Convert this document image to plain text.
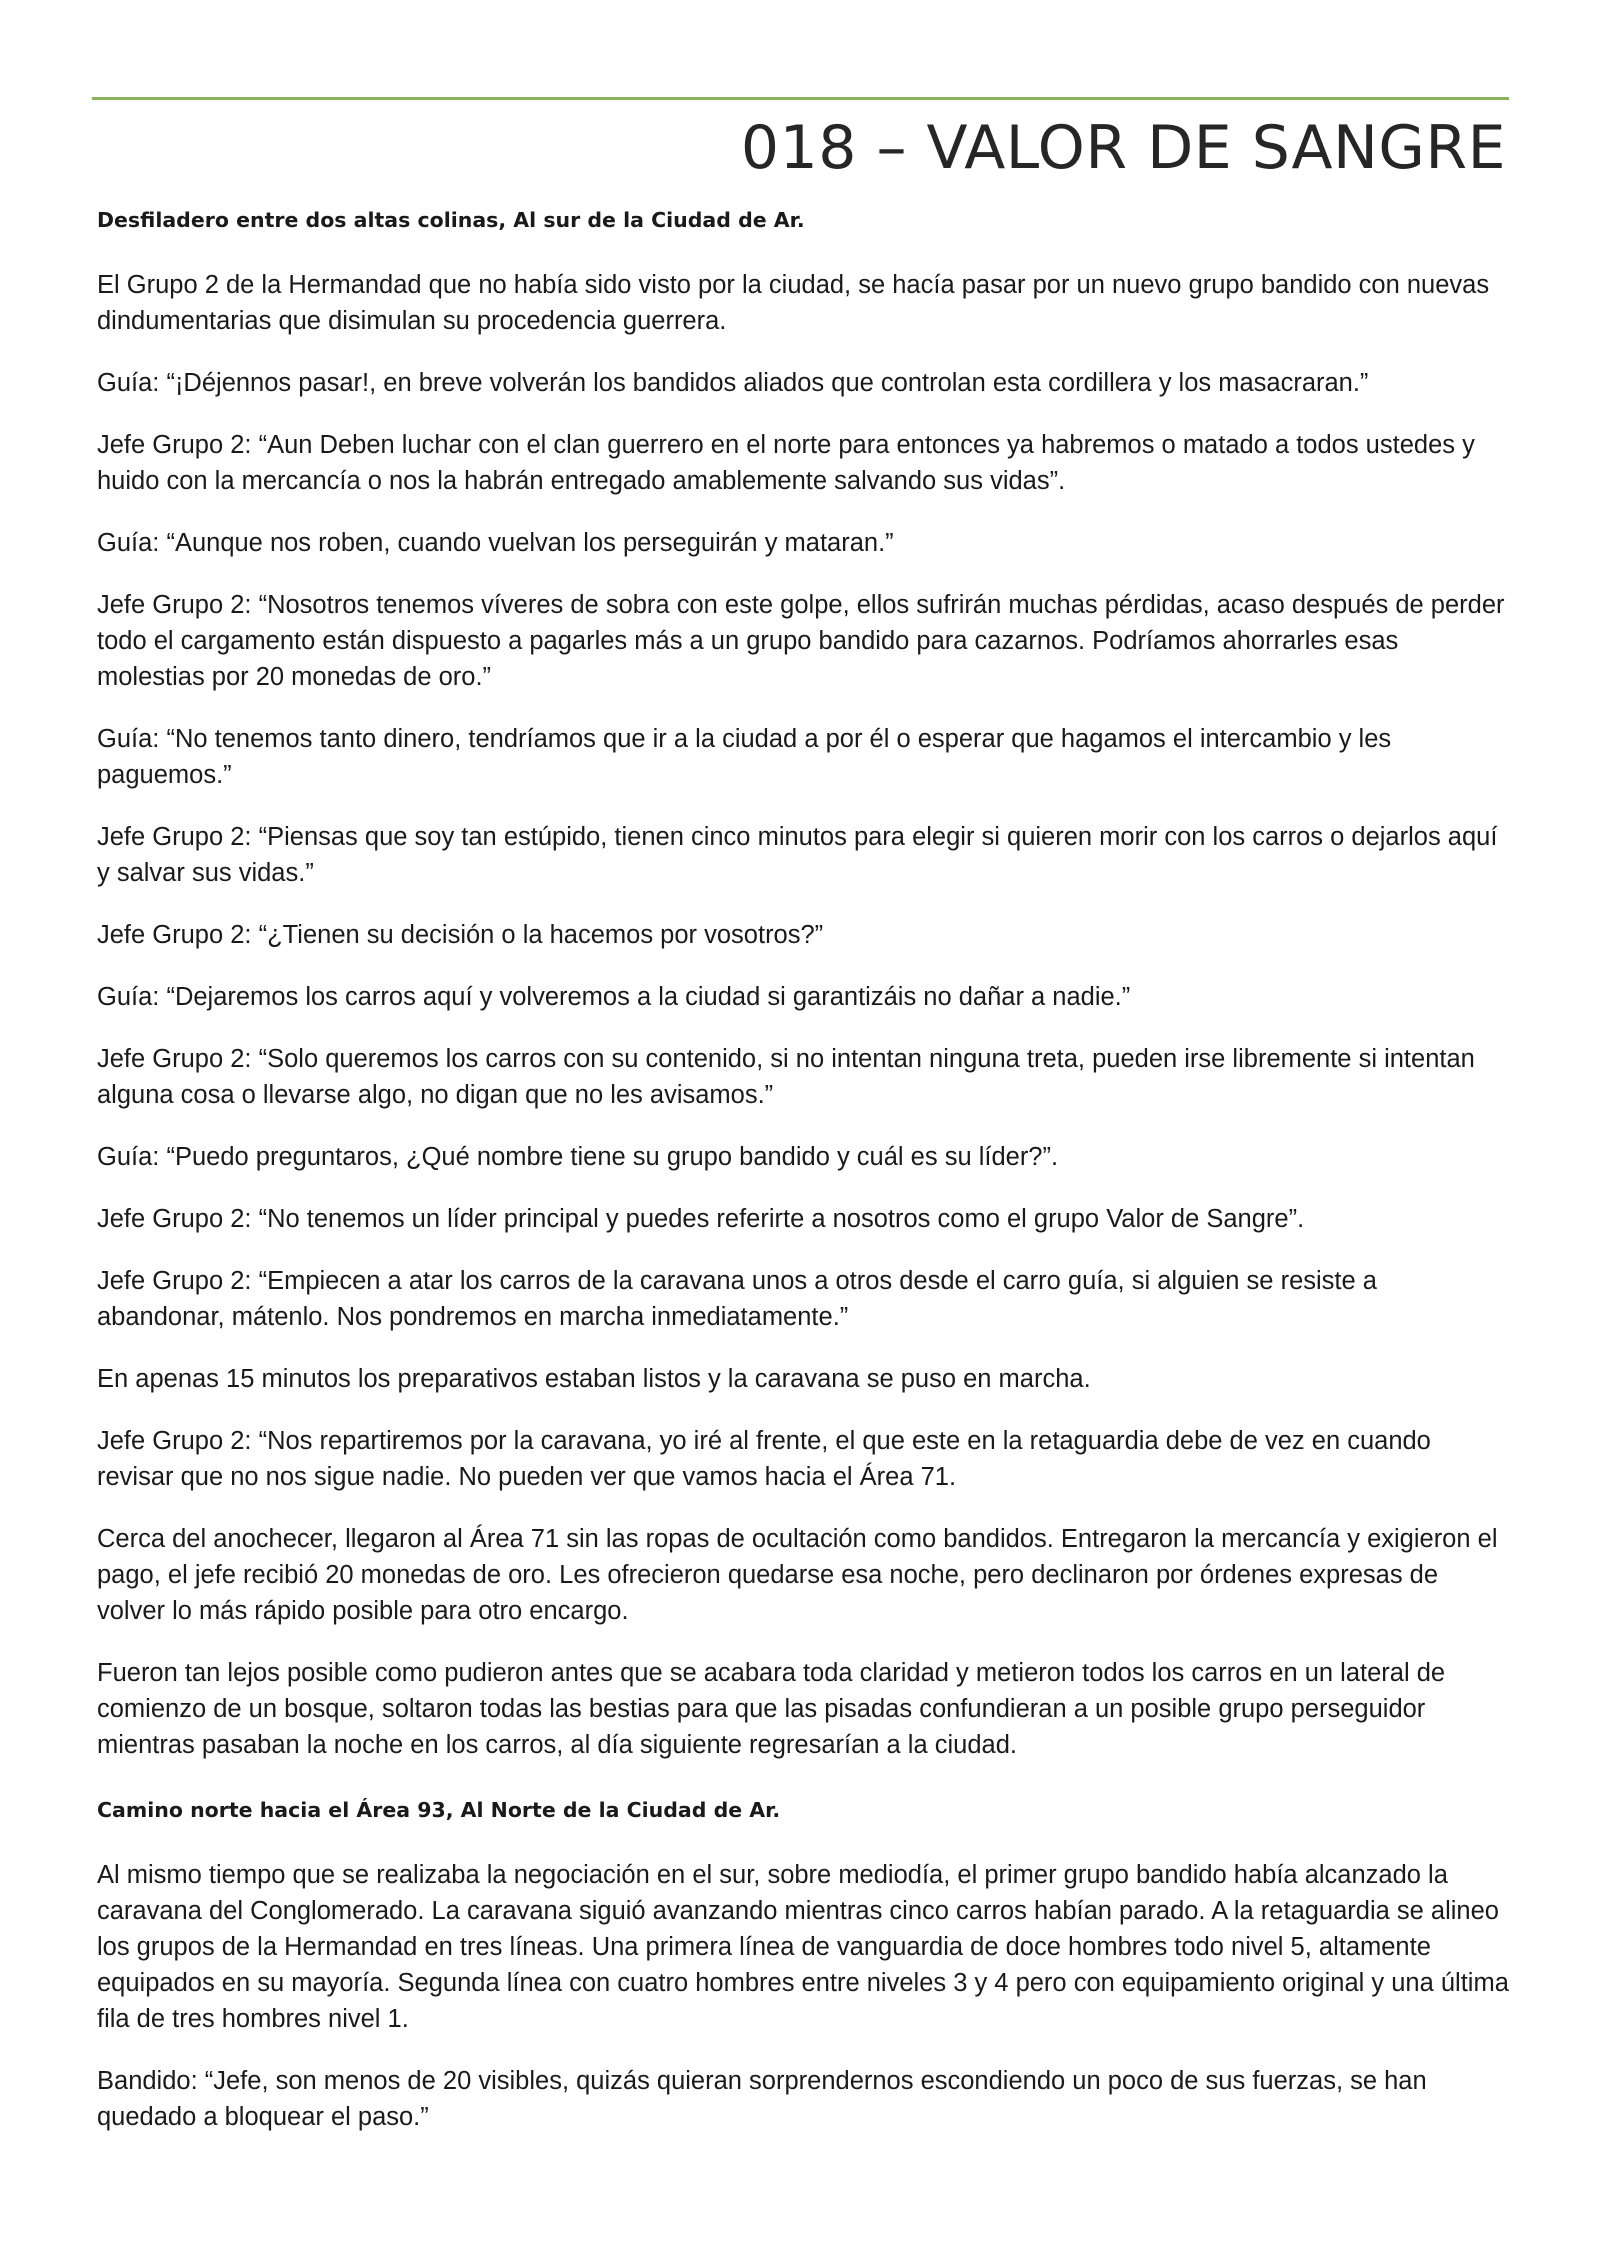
018 – VALOR DE SANGRE
Desfiladero entre dos altas colinas, Al sur de la Ciudad de Ar.

El Grupo 2 de la Hermandad que no había sido visto por la ciudad, se hacía pasar por un nuevo grupo bandido con nuevas dindumentarias que disimulan su procedencia guerrera.

Guía: “¡Déjennos pasar!, en breve volverán los bandidos aliados que controlan esta cordillera y los masacraran.”

Jefe Grupo 2: “Aun Deben luchar con el clan guerrero en el norte para entonces ya habremos o matado a todos ustedes y huido con la mercancía o nos la habrán entregado amablemente salvando sus vidas”.

Guía: “Aunque nos roben, cuando vuelvan los perseguirán y mataran.”

Jefe Grupo 2: “Nosotros tenemos víveres de sobra con este golpe, ellos sufrirán muchas pérdidas, acaso después de perder todo el cargamento están dispuesto a pagarles más a un grupo bandido para cazarnos. Podríamos ahorrarles esas molestias por 20 monedas de oro.”

Guía: “No tenemos tanto dinero, tendríamos que ir a la ciudad a por él o esperar que hagamos el intercambio y les paguemos.”

Jefe Grupo 2: “Piensas que soy tan estúpido, tienen cinco minutos para elegir si quieren morir con los carros o dejarlos aquí y salvar sus vidas.”

Jefe Grupo 2: “¿Tienen su decisión o la hacemos por vosotros?”

Guía: “Dejaremos los carros aquí y volveremos a la ciudad si garantizáis no dañar a nadie.”

Jefe Grupo 2: “Solo queremos los carros con su contenido, si no intentan ninguna treta, pueden irse libremente si intentan alguna cosa o llevarse algo, no digan que no les avisamos.”

Guía: “Puedo preguntaros, ¿Qué nombre tiene su grupo bandido y cuál es su líder?”.

Jefe Grupo 2: “No tenemos un líder principal y puedes referirte a nosotros como el grupo Valor de Sangre”.

Jefe Grupo 2: “Empiecen a atar los carros de la caravana unos a otros desde el carro guía, si alguien se resiste a abandonar, mátenlo. Nos pondremos en marcha inmediatamente.”

En apenas 15 minutos los preparativos estaban listos y la caravana se puso en marcha.

Jefe Grupo 2: “Nos repartiremos por la caravana, yo iré al frente, el que este en la retaguardia debe de vez en cuando revisar que no nos sigue nadie. No pueden ver que vamos hacia el Área 71.

Cerca del anochecer, llegaron al Área 71 sin las ropas de ocultación como bandidos. Entregaron la mercancía y exigieron el pago, el jefe recibió 20 monedas de oro. Les ofrecieron quedarse esa noche, pero declinaron por órdenes expresas de volver lo más rápido posible para otro encargo.

Fueron tan lejos posible como pudieron antes que se acabara toda claridad y metieron todos los carros en un lateral de comienzo de un bosque, soltaron todas las bestias para que las pisadas confundieran a un posible grupo perseguidor mientras pasaban la noche en los carros, al día siguiente regresarían a la ciudad.

Camino norte hacia el Área 93, Al Norte de la Ciudad de Ar.

Al mismo tiempo que se realizaba la negociación en el sur, sobre mediodía, el primer grupo bandido había alcanzado la caravana del Conglomerado. La caravana siguió avanzando mientras cinco carros habían parado. A la retaguardia se alineo los grupos de la Hermandad en tres líneas. Una primera línea de vanguardia de doce hombres todo nivel 5, altamente equipados en su mayoría. Segunda línea con cuatro hombres entre niveles 3 y 4 pero con equipamiento original y una última fila de tres hombres nivel 1.

Bandido: “Jefe, son menos de 20 visibles, quizás quieran sorprendernos escondiendo un poco de sus fuerzas, se han quedado a bloquear el paso.”
